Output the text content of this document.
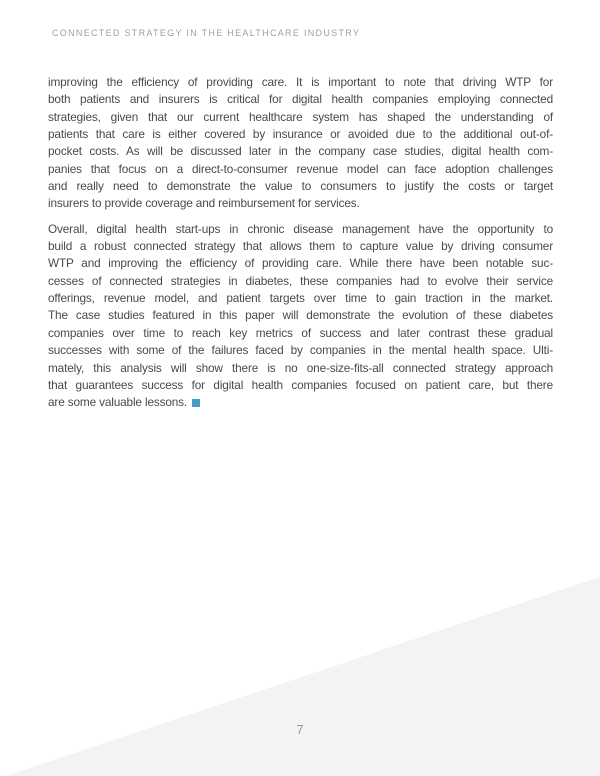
CONNECTED STRATEGY IN THE HEALTHCARE INDUSTRY
improving the efficiency of providing care. It is important to note that driving WTP for
both patients and insurers is critical for digital health companies employing connected
strategies, given that our current healthcare system has shaped the understanding of
patients that care is either covered by insurance or avoided due to the additional out-of-
pocket costs. As will be discussed later in the company case studies, digital health com-
panies that focus on a direct-to-consumer revenue model can face adoption challenges
and really need to demonstrate the value to consumers to justify the costs or target
insurers to provide coverage and reimbursement for services.
Overall, digital health start-ups in chronic disease management have the opportunity to
build a robust connected strategy that allows them to capture value by driving consumer
WTP and improving the efficiency of providing care. While there have been notable suc-
cesses of connected strategies in diabetes, these companies had to evolve their service
offerings, revenue model, and patient targets over time to gain traction in the market.
The case studies featured in this paper will demonstrate the evolution of these diabetes
companies over time to reach key metrics of success and later contrast these gradual
successes with some of the failures faced by companies in the mental health space. Ulti-
mately, this analysis will show there is no one-size-fits-all connected strategy approach
that guarantees success for digital health companies focused on patient care, but there
are some valuable lessons.
7
